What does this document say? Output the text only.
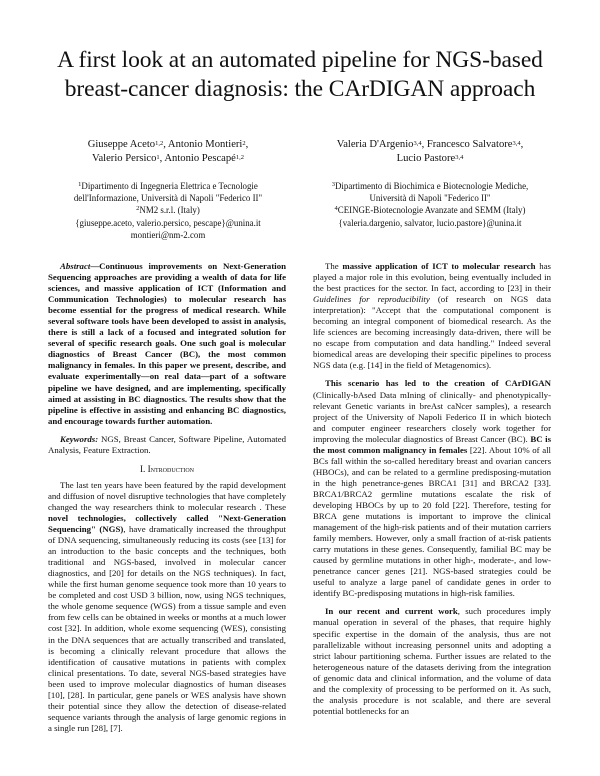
A first look at an automated pipeline for NGS-based
breast-cancer diagnosis: the CArDIGAN approach
Giuseppe Aceto$^{1,2}$, Antonio Montieri$^2$,
Valerio Persico$^1$, Antonio Pescapé$^{1,2}$
Valeria D'Argenio$^{3,4}$, Francesco Salvatore$^{3,4}$,
Lucio Pastore$^{3,4}$
$^1$Dipartimento di Ingegneria Elettrica e Tecnologie
dell'Informazione, Università di Napoli "Federico II"
$^2$NM2 s.r.l. (Italy)
{giuseppe.aceto, valerio.persico, pescape}@unina.it
montieri@nm-2.com
$^3$Dipartimento di Biochimica e Biotecnologie Mediche,
Università di Napoli "Federico II"
$^4$CEINGE-Biotecnologie Avanzate and SEMM (Italy)
{valeria.dargenio, salvator, lucio.pastore}@unina.it

Abstract—Continuous improvements on Next-Generation Sequencing approaches are providing a wealth of data for life sciences, and massive application of ICT (Information and Communication Technologies) to molecular research has become essential for the progress of medical research. While several software tools have been developed to assist in analysis, there is still a lack of a focused and integrated solution for several of specific research goals. One such goal is molecular diagnostics of Breast Cancer (BC), the most common malignancy in females. In this paper we present, describe, and evaluate experimentally—on real data—part of a software pipeline we have designed, and are implementing, specifically aimed at assisting in BC diagnostics. The results show that the pipeline is effective in assisting and enhancing BC diagnostics, and encourage towards further automation.

Keywords: NGS, Breast Cancer, Software Pipeline, Automated Analysis, Feature Extraction.

I. Introduction

The last ten years have been featured by the rapid development and diffusion of novel disruptive technologies that have completely changed the way researchers think to molecular research . These novel technologies, collectively called "Next-Generation Sequencing" (NGS), have dramatically increased the throughput of DNA sequencing, simultaneously reducing its costs (see [13] for an introduction to the basic concepts and the techniques, both traditional and NGS-based, involved in molecular cancer diagnostics, and [20] for details on the NGS techniques). In fact, while the first human genome sequence took more than 10 years to be completed and cost USD 3 billion, now, using NGS techniques, the whole genome sequence (WGS) from a tissue sample and even from few cells can be obtained in weeks or months at a much lower cost [32]. In addition, whole exome sequencing (WES), consisting in the DNA sequences that are actually transcribed and translated, is becoming a clinically relevant procedure that allows the identification of causative mutations in patients with complex clinical presentations. To date, several NGS-based strategies have been used to improve molecular diagnostics of human diseases [10], [28]. In particular, gene panels or WES analysis have shown their potential since they allow the detection of disease-related sequence variants through the analysis of large genomic regions in a single run [28], [7].

The massive application of ICT to molecular research has played a major role in this evolution, being eventually included in the best practices for the sector. In fact, according to [23] in their Guidelines for reproducibility (of research on NGS data interpretation): "Accept that the computational component is becoming an integral component of biomedical research. As the life sciences are becoming increasingly data-driven, there will be no escape from computation and data handling." Indeed several biomedical areas are developing their specific pipelines to process NGS data (e.g. [14] in the field of Metagenomics).

This scenario has led to the creation of CArDIGAN (Clinically-bAsed Data mIning of clinically- and phenotypically-relevant Genetic variants in breAst caNcer samples), a research project of the University of Napoli Federico II in which biotech and computer engineer researchers closely work together for improving the molecular diagnostics of Breast Cancer (BC). BC is the most common malignancy in females [22]. About 10% of all BCs fall within the so-called hereditary breast and ovarian cancers (HBOCs), and can be related to a germline predisposing-mutation in the high penetrance-genes BRCA1 [31] and BRCA2 [33]. BRCA1/BRCA2 germline mutations escalate the risk of developing HBOCs by up to 20 fold [22]. Therefore, testing for BRCA gene mutations is important to improve the clinical management of the high-risk patients and of their mutation carriers family members. However, only a small fraction of at-risk patients carry mutations in these genes. Consequently, familial BC may be caused by germline mutations in other high-, moderate-, and low-penetrance cancer genes [21]. NGS-based strategies could be useful to analyze a large panel of candidate genes in order to identify BC-predisposing mutations in high-risk families.

In our recent and current work, such procedures imply manual operation in several of the phases, that require highly specific expertise in the domain of the analysis, thus are not parallelizable without increasing personnel units and adopting a strict labour partitioning schema. Further issues are related to the heterogeneous nature of the datasets deriving from the integration of genomic data and clinical information, and the volume of data and the complexity of processing to be performed on it. As such, the analysis procedure is not scalable, and there are several potential bottlenecks for an
